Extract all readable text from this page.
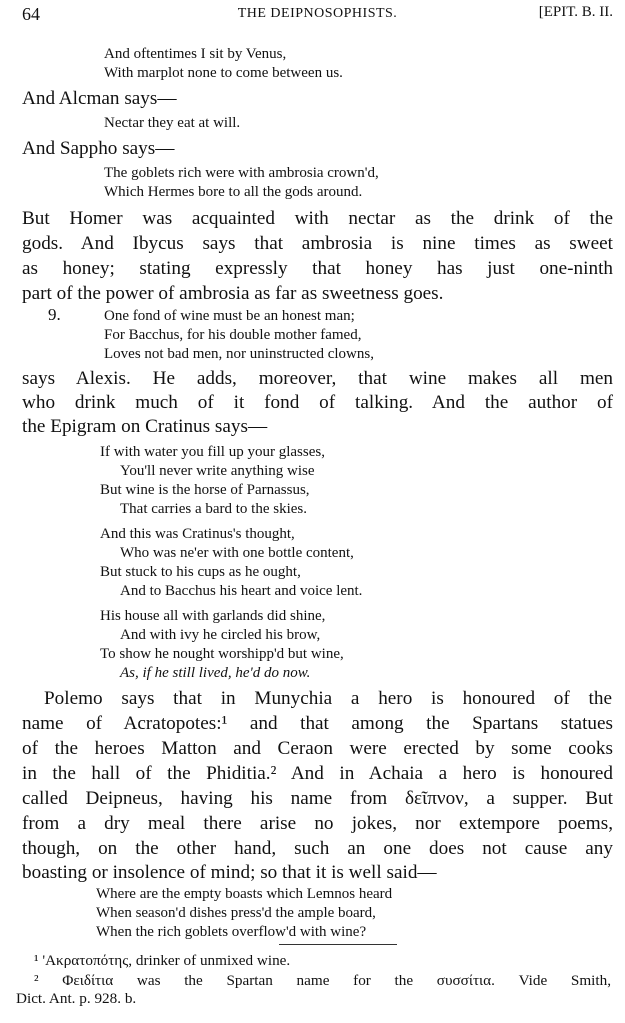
64	THE DEIPNOSOPHISTS.	[EPIT. B. II.
And oftentimes I sit by Venus,
With marplot none to come between us.
And Alcman says—
Nectar they eat at will.
And Sappho says—
The goblets rich were with ambrosia crown'd,
Which Hermes bore to all the gods around.
But Homer was acquainted with nectar as the drink of the
gods. And Ibycus says that ambrosia is nine times as sweet
as honey; stating expressly that honey has just one-ninth
part of the power of ambrosia as far as sweetness goes.
9.	One fond of wine must be an honest man;
For Bacchus, for his double mother famed,
Loves not bad men, nor uninstructed clowns,
says Alexis. He adds, moreover, that wine makes all men
who drink much of it fond of talking. And the author of
the Epigram on Cratinus says—
If with water you fill up your glasses,
You'll never write anything wise
But wine is the horse of Parnassus,
That carries a bard to the skies.
And this was Cratinus's thought,
Who was ne'er with one bottle content,
But stuck to his cups as he ought,
And to Bacchus his heart and voice lent.
His house all with garlands did shine,
And with ivy he circled his brow,
To show he nought worshipp'd but wine,
As, if he still lived, he'd do now.
Polemo says that in Munychia a hero is honoured of the
name of Acratopotes:¹ and that among the Spartans statues
of the heroes Matton and Ceraon were erected by some cooks
in the hall of the Phiditia.² And in Achaia a hero is honoured
called Deipneus, having his name from δεῖπνον, a supper. But
from a dry meal there arise no jokes, nor extempore poems,
though, on the other hand, such an one does not cause any
boasting or insolence of mind; so that it is well said—
Where are the empty boasts which Lemnos heard
When season'd dishes press'd the ample board,
When the rich goblets overflow'd with wine?
¹ 'Ακρατοπότης, drinker of unmixed wine.
² Φειδίτια was the Spartan name for the συσσίτια. Vide Smith,
Dict. Ant. p. 928. b.
